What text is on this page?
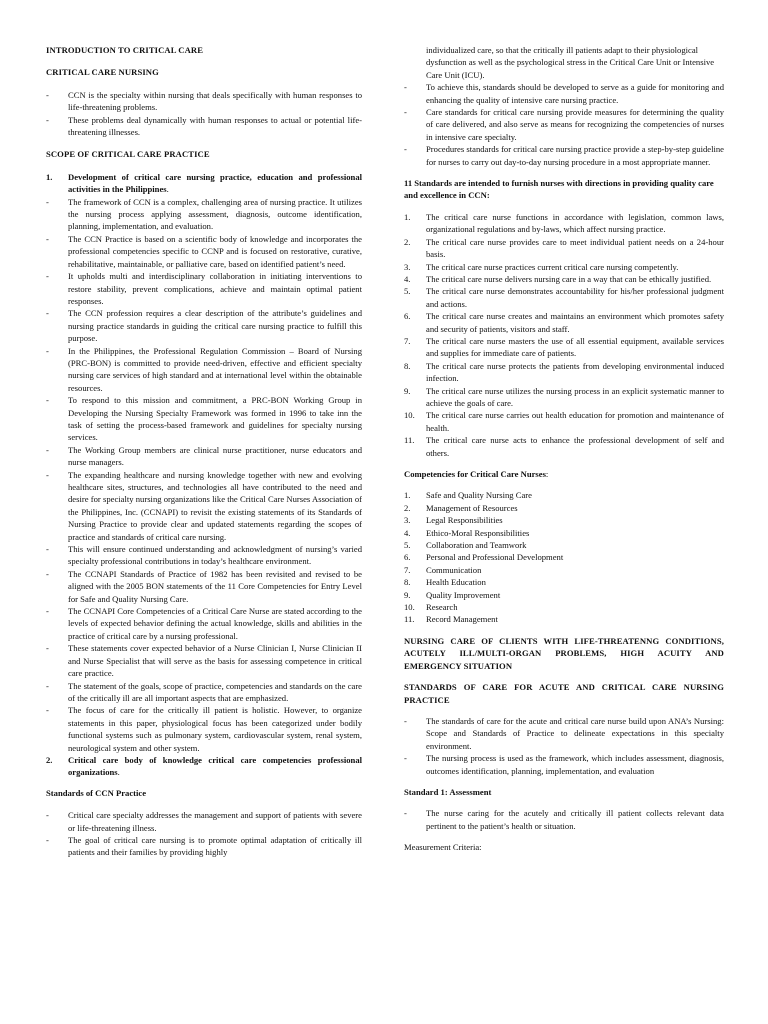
INTRODUCTION TO CRITICAL CARE

CRITICAL CARE NURSING

- CCN is the specialty within nursing that deals specifically with human responses to life-threatening problems.
- These problems deal dynamically with human responses to actual or potential life-threatening illnesses.

SCOPE OF CRITICAL CARE PRACTICE

1. Development of critical care nursing practice, education and professional activities in the Philippines.
- The framework of CCN is a complex, challenging area of nursing practice. It utilizes the nursing process applying assessment, diagnosis, outcome identification, planning, implementation, and evaluation.
- The CCN Practice is based on a scientific body of knowledge and incorporates the professional competencies specific to CCNP and is focused on restorative, curative, rehabilitative, maintainable, or palliative care, based on identified patient’s need.
- It upholds multi and interdisciplinary collaboration in initiating interventions to restore stability, prevent complications, achieve and maintain optimal patient responses.
- The CCN profession requires a clear description of the attribute’s guidelines and nursing practice standards in guiding the critical care nursing practice to fulfill this purpose.
- In the Philippines, the Professional Regulation Commission – Board of Nursing (PRC-BON) is committed to provide need-driven, effective and efficient specialty nursing care services of high standard and at international level within the obtainable resources.
- To respond to this mission and commitment, a PRC-BON Working Group in Developing the Nursing Specialty Framework was formed in 1996 to take inn the task of setting the process-based framework and guidelines for specialty nursing services.
- The Working Group members are clinical nurse practitioner, nurse educators and nurse managers.
- The expanding healthcare and nursing knowledge together with new and evolving healthcare sites, structures, and technologies all have contributed to the need and desire for specialty nursing organizations like the Critical Care Nurses Association of the Philippines, Inc. (CCNAPI) to revisit the existing statements of its Standards of Nursing Practice to provide clear and updated statements regarding the scopes of practice and standards of critical care nursing.
- This will ensure continued understanding and acknowledgment of nursing’s varied specialty professional contributions in today’s healthcare environment.
- The CCNAPI Standards of Practice of 1982 has been revisited and revised to be aligned with the 2005 BON statements of the 11 Core Competencies for Entry Level for Safe and Quality Nursing Care.
- The CCNAPI Core Competencies of a Critical Care Nurse are stated according to the levels of expected behavior defining the actual knowledge, skills and abilities in the practice of critical care by a nursing professional.
- These statements cover expected behavior of a Nurse Clinician I, Nurse Clinician II and Nurse Specialist that will serve as the basis for assessing competence in critical care practice.
- The statement of the goals, scope of practice, competencies and standards on the care of the critically ill are all important aspects that are emphasized.
- The focus of care for the critically ill patient is holistic. However, to organize statements in this paper, physiological focus has been categorized under bodily functional systems such as pulmonary system, cardiovascular system, renal system, neurological system and other system.
2. Critical care body of knowledge critical care competencies professional organizations.

Standards of CCN Practice

- Critical care specialty addresses the management and support of patients with severe or life-threatening illness.
- The goal of critical care nursing is to promote optimal adaptation of critically ill patients and their families by providing highly

individualized care, so that the critically ill patients adapt to their physiological dysfunction as well as the psychological stress in the Critical Care Unit or Intensive Care Unit (ICU).

- To achieve this, standards should be developed to serve as a guide for monitoring and enhancing the quality of intensive care nursing practice.
- Care standards for critical care nursing provide measures for determining the quality of care delivered, and also serve as means for recognizing the competencies of nurses in intensive care specialty.
- Procedures standards for critical care nursing practice provide a step-by-step guideline for nurses to carry out day-to-day nursing procedure in a most appropriate manner.

11 Standards are intended to furnish nurses with directions in providing quality care and excellence in CCN:

1. The critical care nurse functions in accordance with legislation, common laws, organizational regulations and by-laws, which affect nursing practice.
2. The critical care nurse provides care to meet individual patient needs on a 24-hour basis.
3. The critical care nurse practices current critical care nursing competently.
4. The critical care nurse delivers nursing care in a way that can be ethically justified.
5. The critical care nurse demonstrates accountability for his/her professional judgment and actions.
6. The critical care nurse creates and maintains an environment which promotes safety and security of patients, visitors and staff.
7. The critical care nurse masters the use of all essential equipment, available services and supplies for immediate care of patients.
8. The critical care nurse protects the patients from developing environmental induced infection.
9. The critical care nurse utilizes the nursing process in an explicit systematic manner to achieve the goals of care.
10. The critical care nurse carries out health education for promotion and maintenance of health.
11. The critical care nurse acts to enhance the professional development of self and others.

Competencies for Critical Care Nurses:

1. Safe and Quality Nursing Care
2. Management of Resources
3. Legal Responsibilities
4. Ethico-Moral Responsibilities
5. Collaboration and Teamwork
6. Personal and Professional Development
7. Communication
8. Health Education
9. Quality Improvement
10. Research
11. Record Management

NURSING CARE OF CLIENTS WITH LIFE-THREATENNG CONDITIONS, ACUTELY ILL/MULTI-ORGAN PROBLEMS, HIGH ACUITY AND EMERGENCY SITUATION

STANDARDS OF CARE FOR ACUTE AND CRITICAL CARE NURSING PRACTICE

- The standards of care for the acute and critical care nurse build upon ANA’s Nursing: Scope and Standards of Practice to delineate expectations in this specialty environment.
- The nursing process is used as the framework, which includes assessment, diagnosis, outcomes identification, planning, implementation, and evaluation

Standard 1: Assessment

- The nurse caring for the acutely and critically ill patient collects relevant data pertinent to the patient’s health or situation.

Measurement Criteria:
